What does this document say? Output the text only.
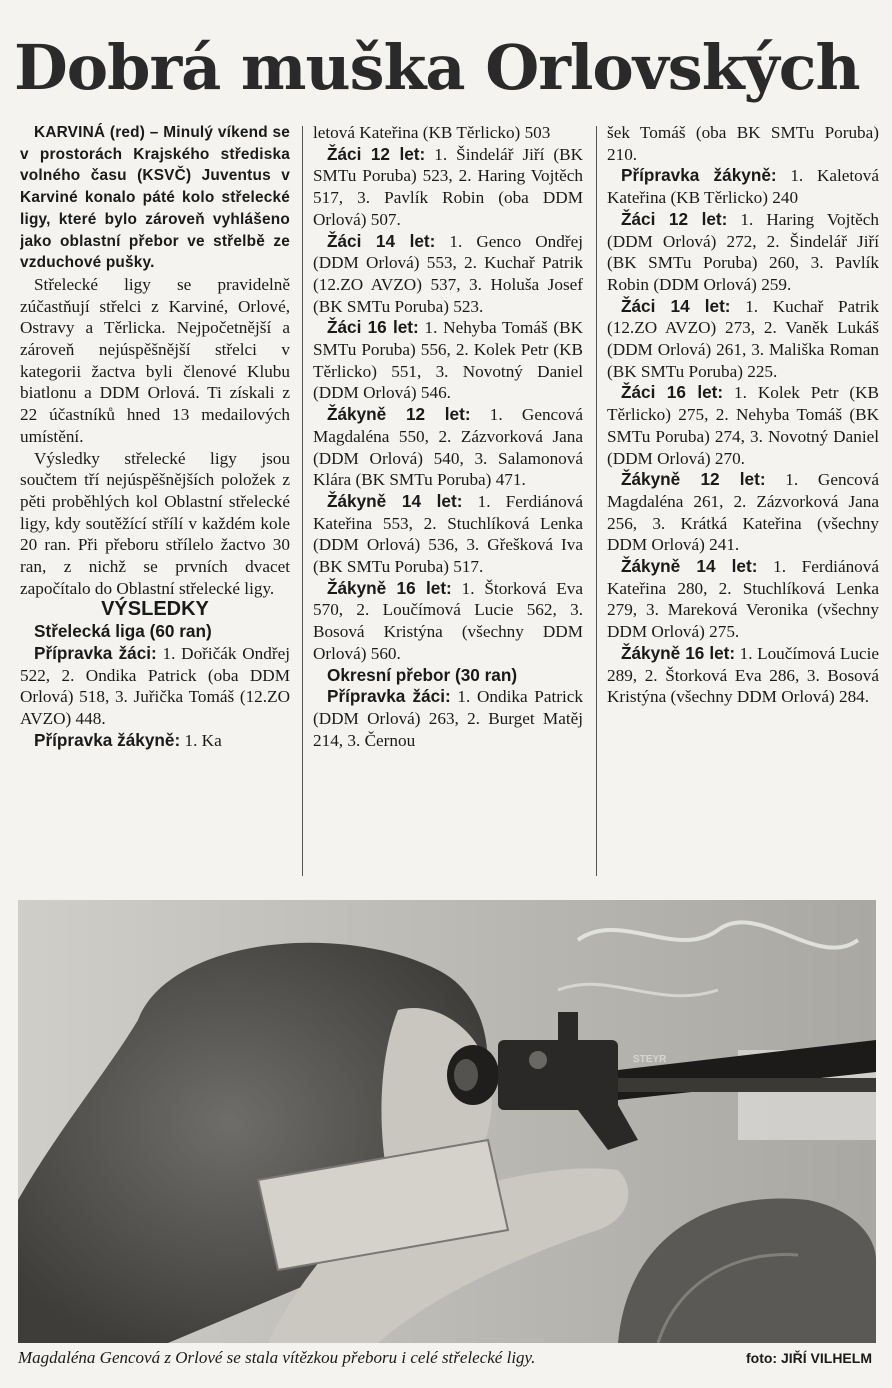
Dobrá muška Orlovských

KARVINÁ (red) – Minulý víkend se v prostorách Krajského střediska volného času (KSVČ) Juventus v Karviné konalo páté kolo střelecké ligy, které bylo zároveň vyhlášeno jako oblastní přebor ve střelbě ze vzduchové pušky.

Střelecké ligy se pravidelně zúčastňují střelci z Karviné, Orlové, Ostravy a Těrlicka. Nejpočetnější a zároveň nejúspěšnější střelci v kategorii žactva byli členové Klubu biatlonu a DDM Orlová. Ti získali z 22 účastníků hned 13 medailových umístění.

Výsledky střelecké ligy jsou součtem tří nejúspěšnějších položek z pěti proběhlých kol Oblastní střelecké ligy, kdy soutěžící střílí v každém kole 20 ran. Při přeboru střílelo žactvo 30 ran, z nichž se prvních dvacet započítalo do Oblastní střelecké ligy.

VÝSLEDKY

Střelecká liga (60 ran)

Přípravka žáci: 1. Dořičák Ondřej 522, 2. Ondika Patrick (oba DDM Orlová) 518, 3. Juřička Tomáš (12.ZO AVZO) 448.

Přípravka žákyně: 1. Ka

letová Kateřina (KB Těrlicko) 503

Žáci 12 let: 1. Šindelář Jiří (BK SMTu Poruba) 523, 2. Haring Vojtěch 517, 3. Pavlík Robin (oba DDM Orlová) 507.

Žáci 14 let: 1. Genco Ondřej (DDM Orlová) 553, 2. Kuchař Patrik (12.ZO AVZO) 537, 3. Holuša Josef (BK SMTu Poruba) 523.

Žáci 16 let: 1. Nehyba Tomáš (BK SMTu Poruba) 556, 2. Kolek Petr (KB Těrlicko) 551, 3. Novotný Daniel (DDM Orlová) 546.

Žákyně 12 let: 1. Gencová Magdaléna 550, 2. Zázvorková Jana (DDM Orlová) 540, 3. Salamonová Klára (BK SMTu Poruba) 471.

Žákyně 14 let: 1. Ferdiánová Kateřina 553, 2. Stuchlíková Lenka (DDM Orlová) 536, 3. Gřešková Iva (BK SMTu Poruba) 517.

Žákyně 16 let: 1. Štorková Eva 570, 2. Loučímová Lucie 562, 3. Bosová Kristýna (všechny DDM Orlová) 560.

Okresní přebor (30 ran)

Přípravka žáci: 1. Ondika Patrick (DDM Orlová) 263, 2. Burget Matěj 214, 3. Černou

šek Tomáš (oba BK SMTu Poruba) 210.

Přípravka žákyně: 1. Kaletová Kateřina (KB Těrlicko) 240

Žáci 12 let: 1. Haring Vojtěch (DDM Orlová) 272, 2. Šindelář Jiří (BK SMTu Poruba) 260, 3. Pavlík Robin (DDM Orlová) 259.

Žáci 14 let: 1. Kuchař Patrik (12.ZO AVZO) 273, 2. Vaněk Lukáš (DDM Orlová) 261, 3. Mališka Roman (BK SMTu Poruba) 225.

Žáci 16 let: 1. Kolek Petr (KB Těrlicko) 275, 2. Nehyba Tomáš (BK SMTu Poruba) 274, 3. Novotný Daniel (DDM Orlová) 270.

Žákyně 12 let: 1. Gencová Magdaléna 261, 2. Zázvorková Jana 256, 3. Krátká Kateřina (všechny DDM Orlová) 241.

Žákyně 14 let: 1. Ferdiánová Kateřina 280, 2. Stuchlíková Lenka 279, 3. Mareková Veronika (všechny DDM Orlová) 275.

Žákyně 16 let: 1. Loučímová Lucie 289, 2. Štorková Eva 286, 3. Bosová Kristýna (všechny DDM Orlová) 284.

STEYR
Magdaléna Gencová z Orlové se stala vítězkou přeboru i celé střelecké ligy.	foto: JIŘÍ VILHELM
